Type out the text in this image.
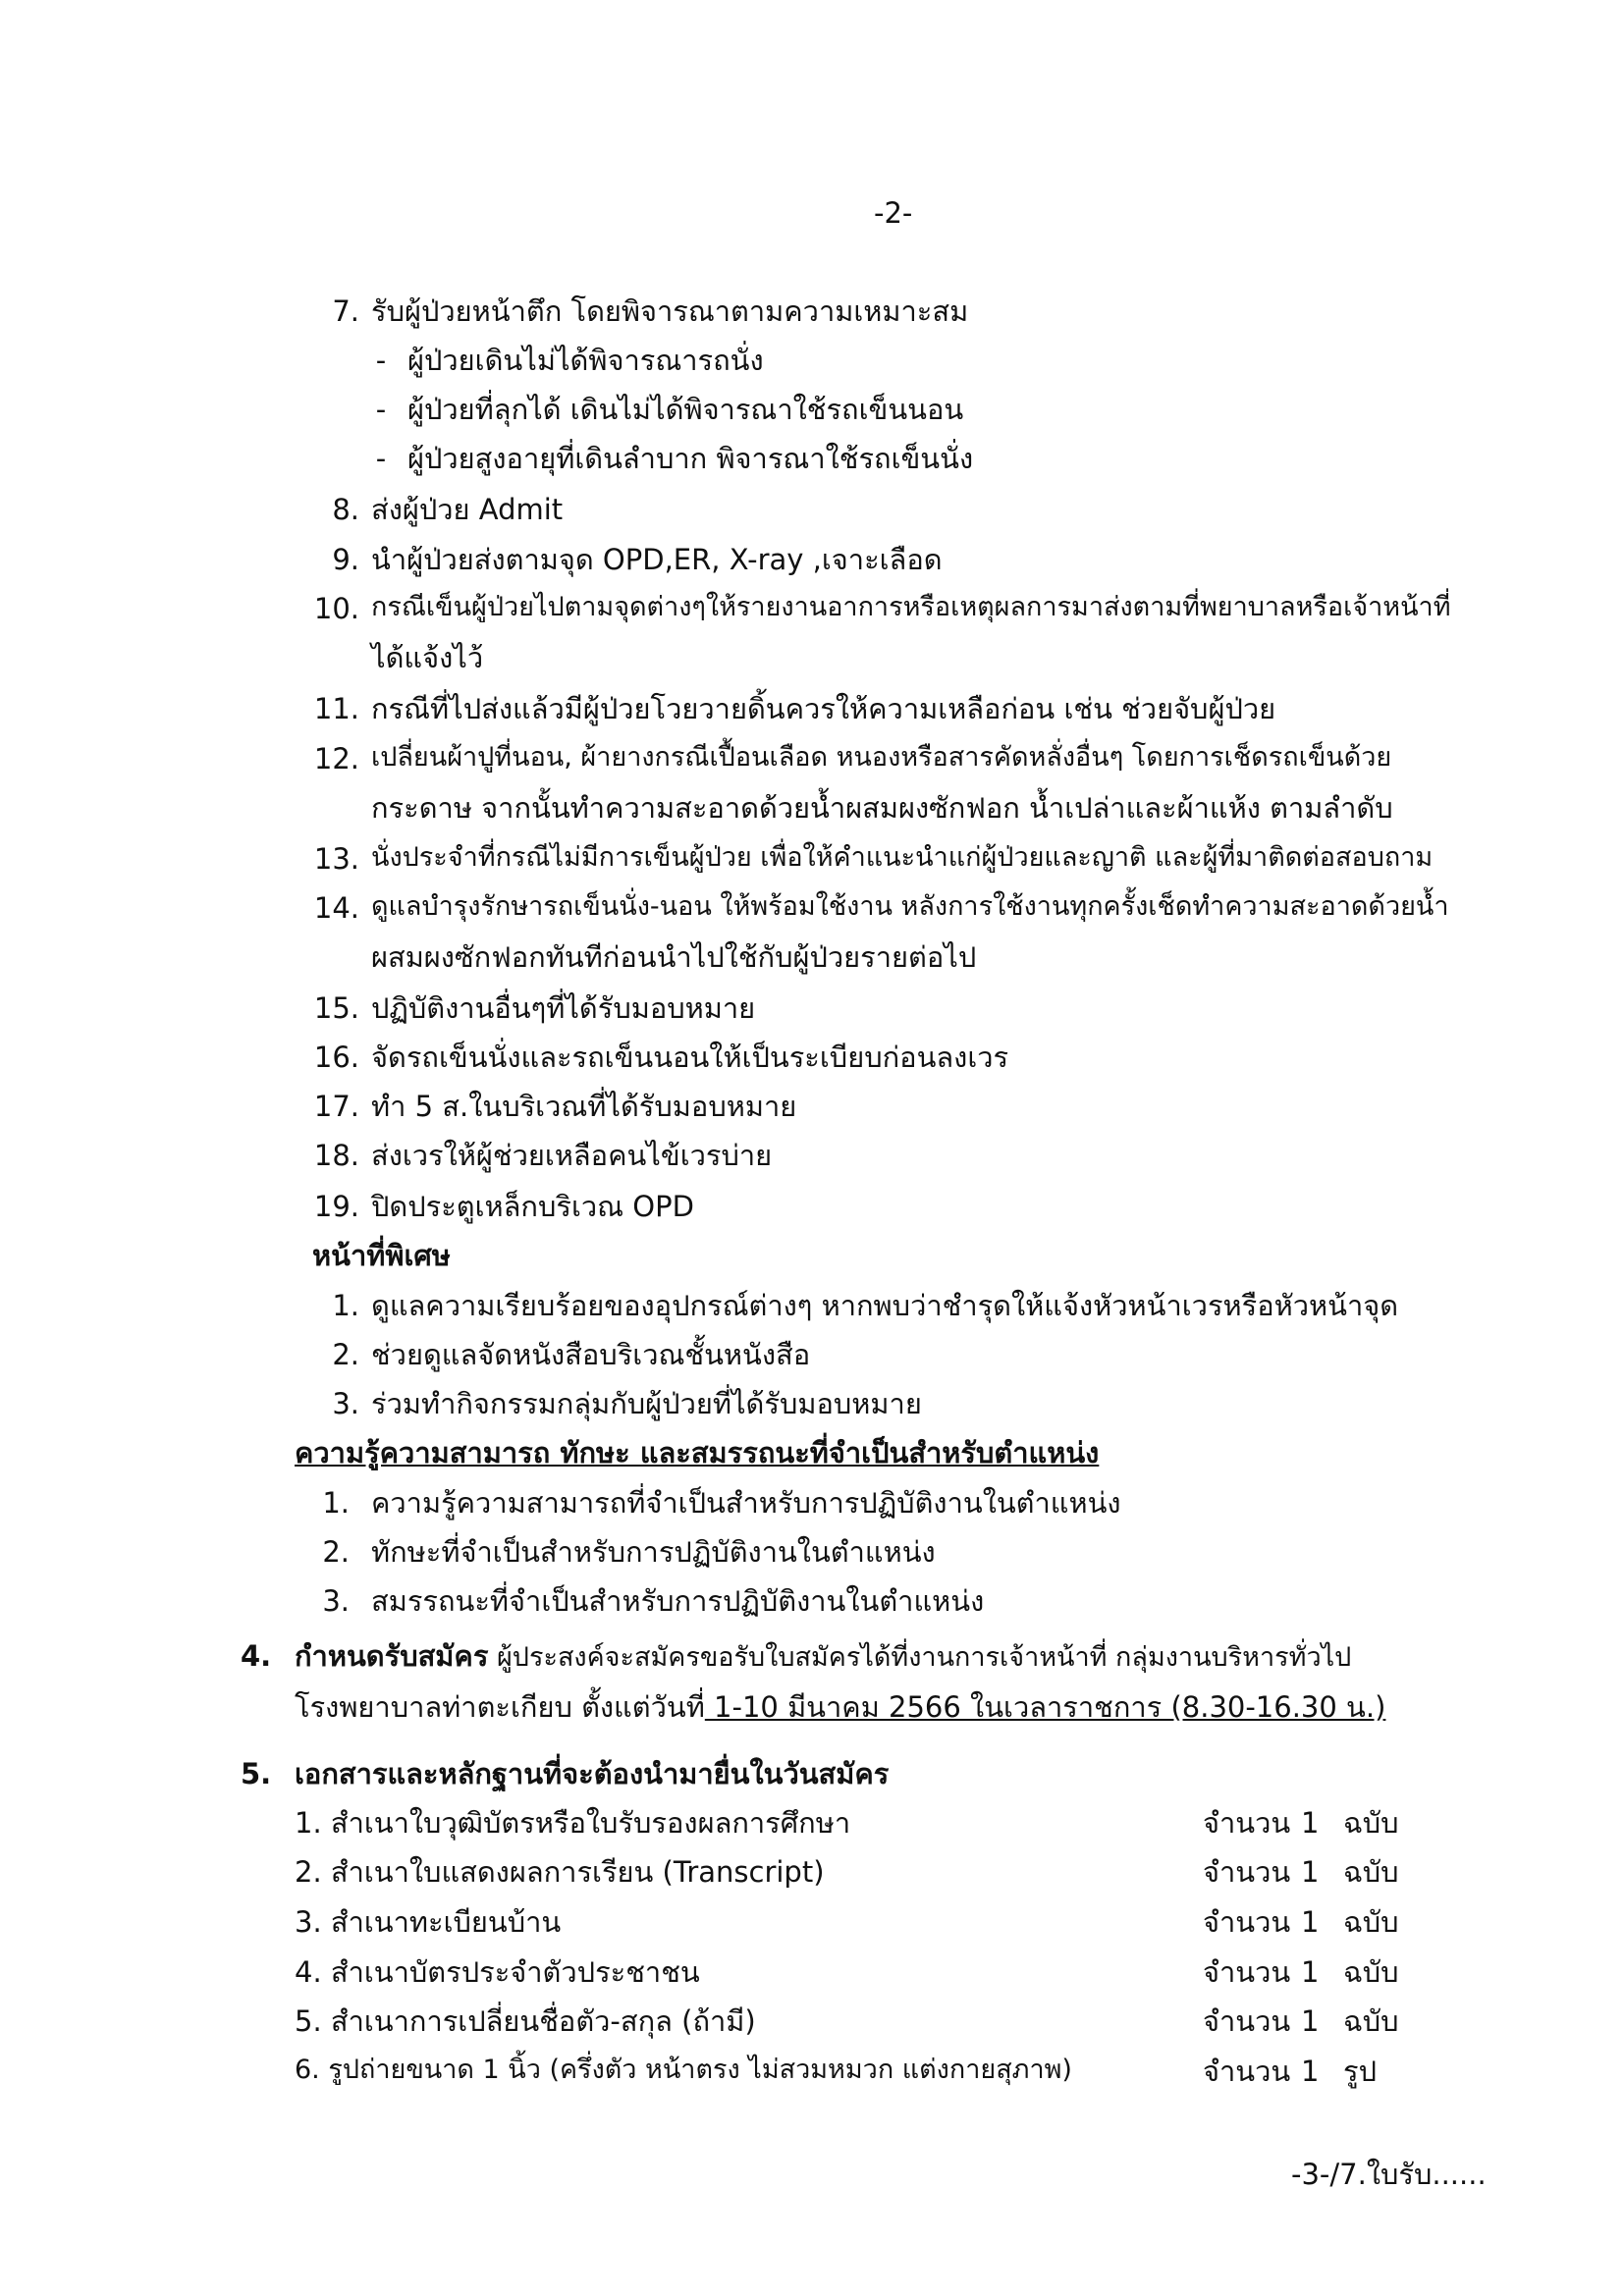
-2-
7. รับผู้ป่วยหน้าตึก โดยพิจารณาตามความเหมาะสม
- ผู้ป่วยเดินไม่ได้พิจารณารถนั่ง
- ผู้ป่วยที่ลุกได้ เดินไม่ได้พิจารณาใช้รถเข็นนอน
- ผู้ป่วยสูงอายุที่เดินลำบาก พิจารณาใช้รถเข็นนั่ง
8. ส่งผู้ป่วย Admit
9. นำผู้ป่วยส่งตามจุด OPD,ER, X-ray ,เจาะเลือด
10. กรณีเข็นผู้ป่วยไปตามจุดต่างๆให้รายงานอาการหรือเหตุผลการมาส่งตามที่พยาบาลหรือเจ้าหน้าที่
ได้แจ้งไว้
11. กรณีที่ไปส่งแล้วมีผู้ป่วยโวยวายดิ้นควรให้ความเหลือก่อน เช่น ช่วยจับผู้ป่วย
12. เปลี่ยนผ้าปูที่นอน, ผ้ายางกรณีเปื้อนเลือด หนองหรือสารคัดหลั่งอื่นๆ โดยการเช็ดรถเข็นด้วย
กระดาษ จากนั้นทำความสะอาดด้วยน้ำผสมผงซักฟอก น้ำเปล่าและผ้าแห้ง ตามลำดับ
13. นั่งประจำที่กรณีไม่มีการเข็นผู้ป่วย เพื่อให้คำแนะนำแก่ผู้ป่วยและญาติ และผู้ที่มาติดต่อสอบถาม
14. ดูแลบำรุงรักษารถเข็นนั่ง-นอน ให้พร้อมใช้งาน หลังการใช้งานทุกครั้งเช็ดทำความสะอาดด้วยน้ำ
ผสมผงซักฟอกทันทีก่อนนำไปใช้กับผู้ป่วยรายต่อไป
15. ปฏิบัติงานอื่นๆที่ได้รับมอบหมาย
16. จัดรถเข็นนั่งและรถเข็นนอนให้เป็นระเบียบก่อนลงเวร
17. ทำ 5 ส.ในบริเวณที่ได้รับมอบหมาย
18. ส่งเวรให้ผู้ช่วยเหลือคนไข้เวรบ่าย
19. ปิดประตูเหล็กบริเวณ OPD
หน้าที่พิเศษ
1. ดูแลความเรียบร้อยของอุปกรณ์ต่างๆ หากพบว่าชำรุดให้แจ้งหัวหน้าเวรหรือหัวหน้าจุด
2. ช่วยดูแลจัดหนังสือบริเวณชั้นหนังสือ
3. ร่วมทำกิจกรรมกลุ่มกับผู้ป่วยที่ได้รับมอบหมาย
ความรู้ความสามารถ ทักษะ และสมรรถนะที่จำเป็นสำหรับตำแหน่ง
1. ความรู้ความสามารถที่จำเป็นสำหรับการปฏิบัติงานในตำแหน่ง
2. ทักษะที่จำเป็นสำหรับการปฏิบัติงานในตำแหน่ง
3. สมรรถนะที่จำเป็นสำหรับการปฏิบัติงานในตำแหน่ง
4. กำหนดรับสมัคร ผู้ประสงค์จะสมัครขอรับใบสมัครได้ที่งานการเจ้าหน้าที่ กลุ่มงานบริหารทั่วไป
โรงพยาบาลท่าตะเกียบ ตั้งแต่วันที่ 1-10 มีนาคม 2566 ในเวลาราชการ (8.30-16.30 น.)
5. เอกสารและหลักฐานที่จะต้องนำมายื่นในวันสมัคร
1. สำเนาใบวุฒิบัตรหรือใบรับรองผลการศึกษา	จำนวน 1 ฉบับ
2. สำเนาใบแสดงผลการเรียน (Transcript)	จำนวน 1 ฉบับ
3. สำเนาทะเบียนบ้าน	จำนวน 1 ฉบับ
4. สำเนาบัตรประจำตัวประชาชน	จำนวน 1 ฉบับ
5. สำเนาการเปลี่ยนชื่อตัว-สกุล (ถ้ามี)	จำนวน 1 ฉบับ
6. รูปถ่ายขนาด 1 นิ้ว (ครึ่งตัว หน้าตรง ไม่สวมหมวก แต่งกายสุภาพ)	จำนวน 1 รูป
-3-/7.ใบรับ......
